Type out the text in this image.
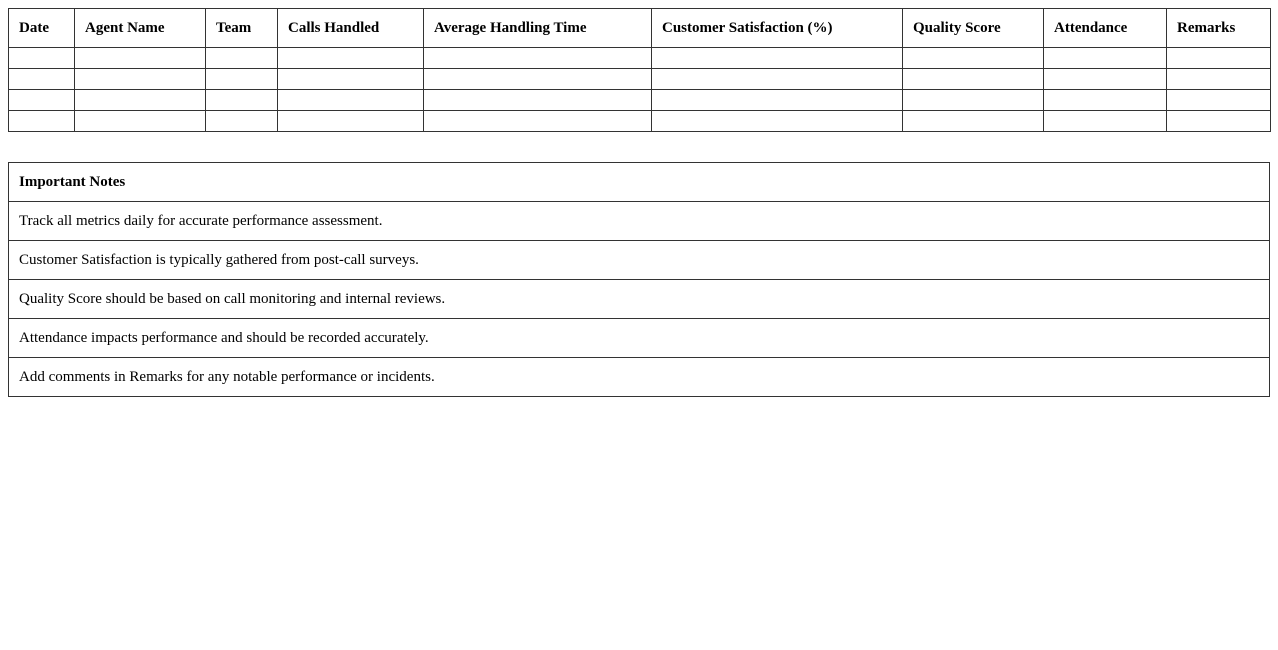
Date	Agent Name	Team	Calls Handled	Average Handling Time	Customer Satisfaction (%)	Quality Score	Attendance	Remarks

Important Notes
Track all metrics daily for accurate performance assessment.
Customer Satisfaction is typically gathered from post-call surveys.
Quality Score should be based on call monitoring and internal reviews.
Attendance impacts performance and should be recorded accurately.
Add comments in Remarks for any notable performance or incidents.
